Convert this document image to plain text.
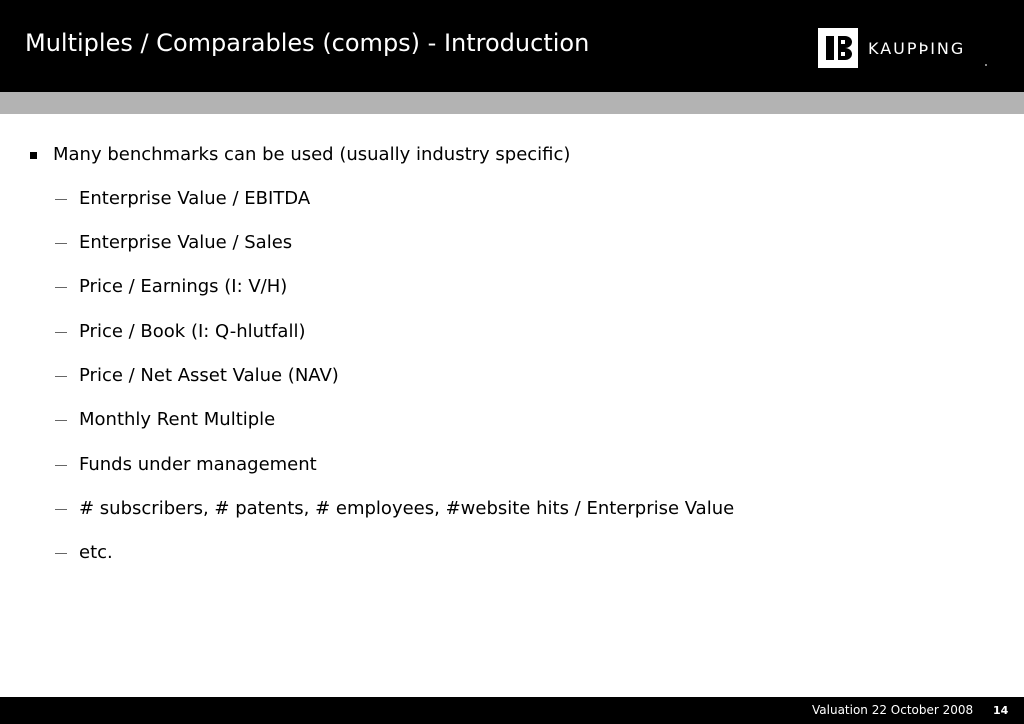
Multiples / Comparables (comps) - Introduction	KAUPÞING
Many benchmarks can be used (usually industry specific)
Enterprise Value / EBITDA
Enterprise Value / Sales
Price / Earnings (I: V/H)
Price / Book (I: Q-hlutfall)
Price / Net Asset Value (NAV)
Monthly Rent Multiple
Funds under management
# subscribers, # patents, # employees, #website hits / Enterprise Value
etc.
Valuation 22 October 2008 14
